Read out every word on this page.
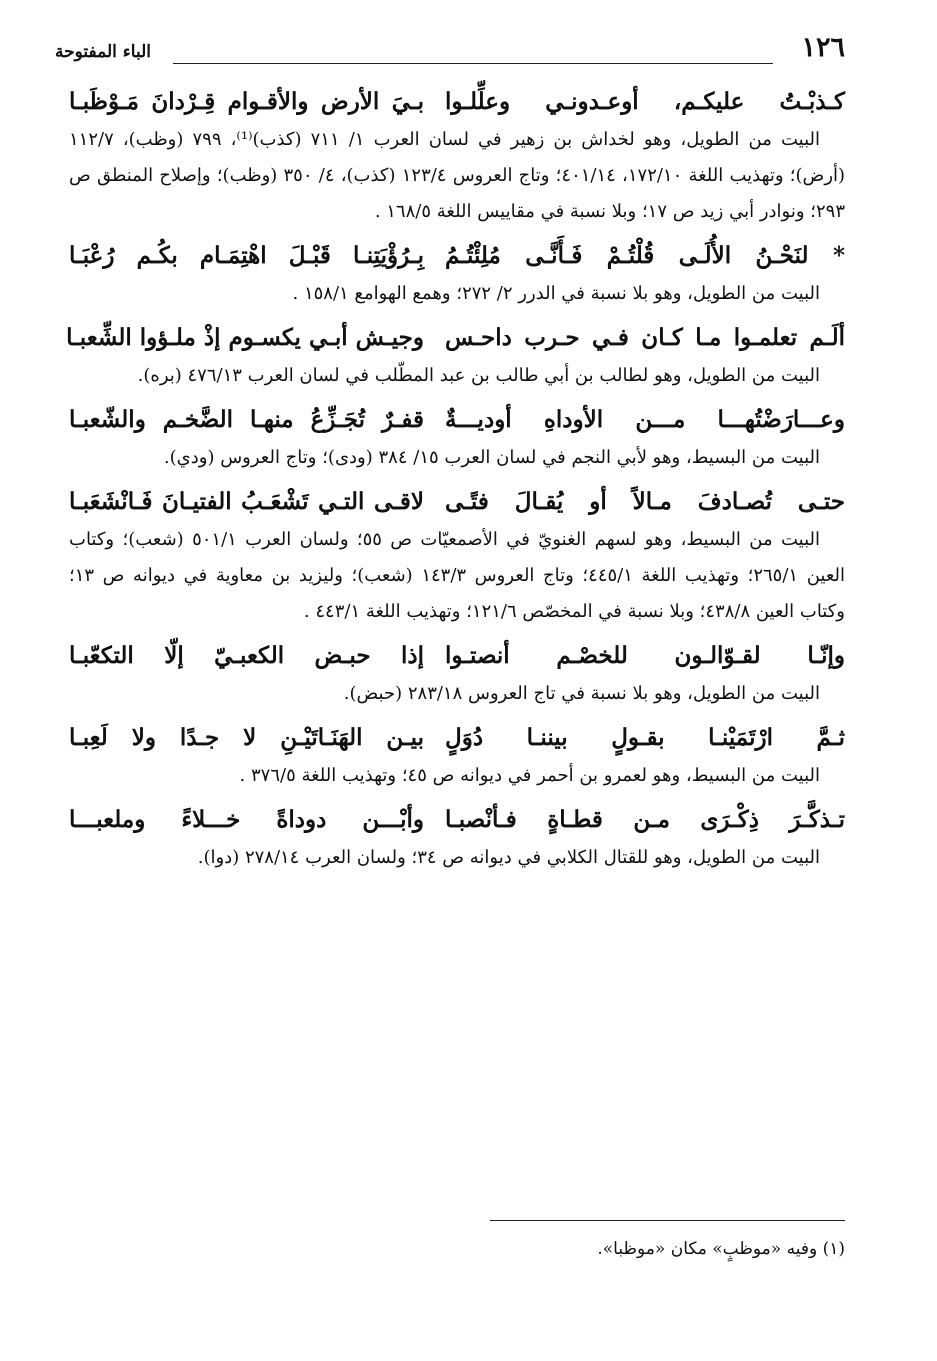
١٢٦
الباء المفتوحة
كـذبْـتُ عليكـم، أوعـدونـي وعلِّلـوا
بـيَ الأرض والأقـوام قِـرْدانَ مَـوْظَبـا

البيت من الطويل، وهو لخداش بن زهير في لسان العرب ١/ ٧١١ (كذب)⁽¹⁾، ٧٩٩ (وظب)، ١١٢/٧ (أرض)؛ وتهذيب اللغة ١٧٢/١٠، ٤٠١/١٤؛ وتاج العروس ١٢٣/٤ (كذب)، ٤/ ٣٥٠ (وظب)؛ وإصلاح المنطق ص ٢٩٣؛ ونوادر أبي زيد ص ١٧؛ وبلا نسبة في مقاييس اللغة ١٦٨/٥ .

* لنَحْـنُ الأُلَـى قُلْتُـمْ فَـأَنَّـى مُلِئْتُـمُ
بِـرُؤْيَتِنـا قَبْـلَ اهْتِمَـام بكُـم رُعْبَـا

البيت من الطويل، وهو بلا نسبة في الدرر ٢/ ٢٧٢؛ وهمع الهوامع ١٥٨/١ .

ألَـم تعلمـوا مـا كـان فـي حـرب داحـس
وجيـش أبـي يكسـوم إذْ ملـؤوا الشِّعبـا

البيت من الطويل، وهو لطالب بن أبي طالب بن عبد المطّلب في لسان العرب ٤٧٦/١٣ (بره).

وعـــارَضْتُهـــا مـــن الأوداهِ أوديـــةٌ
قفـرٌ تُجَـزِّعُ منهـا الضَّخـم والشّعبـا

البيت من البسيط، وهو لأبي النجم في لسان العرب ١٥/ ٣٨٤ (ودى)؛ وتاج العروس (ودي).

حتـى تُصـادفَ مـالاً أو يُقـالَ فتًـى
لاقـى التـي تَشْعَـبُ الفتيـانَ فَـانْشَعَبـا

البيت من البسيط، وهو لسهم الغنويّ في الأصمعيّات ص ٥٥؛ ولسان العرب ٥٠١/١ (شعب)؛ وكتاب العين ٢٦٥/١؛ وتهذيب اللغة ٤٤٥/١؛ وتاج العروس ١٤٣/٣ (شعب)؛ وليزيد بن معاوية في ديوانه ص ١٣؛ وكتاب العين ٤٣٨/٨؛ وبلا نسبة في المخصّص ١٢١/٦؛ وتهذيب اللغة ٤٤٣/١ .

وإنّـا لقـوّالـون للخصْـم أنصتـوا
إذا حبـض الكعبـيّ إلّا التكعّبـا

البيت من الطويل، وهو بلا نسبة في تاج العروس ٢٨٣/١٨ (حبض).

ثـمَّ ارْتَمَيْنـا بقـولٍ بيننـا دُوَلٍ
بيـن الهَنَـاتَيْـنِ لا جـدًا ولا لَعِبـا

البيت من البسيط، وهو لعمرو بن أحمر في ديوانه ص ٤٥؛ وتهذيب اللغة ٣٧٦/٥ .

تـذكَّـرَ ذِكْـرَى مـن قطـاةٍ فـأنْصبـا
وأبْـــن دوداةً خـــلاءً وملعبـــا

البيت من الطويل، وهو للقتال الكلابي في ديوانه ص ٣٤؛ ولسان العرب ٢٧٨/١٤ (دوا).

(١) وفيه «موظبٍ» مكان «موظبا».
